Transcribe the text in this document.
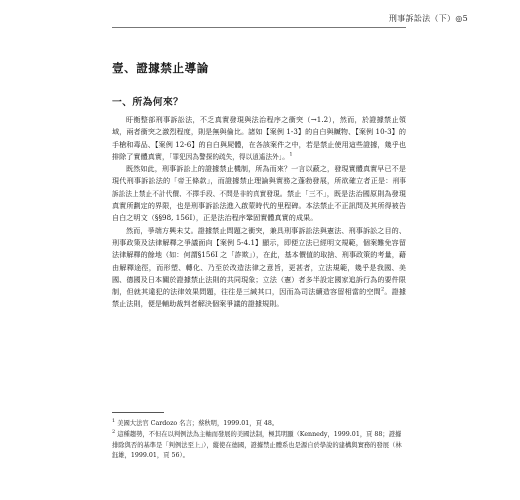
刑事訴訟法（下）◎5
壹、證據禁止導論
一、所為何來？

盱衡整部刑事訴訟法，不乏真實發現與法治程序之衝突（→1.2），然而，於證據禁止領域，兩者衝突之激烈程度，則是無與倫比。諸如【案例 1-3】的自白與贓物、【案例 10-3】的手槍和毒品、【案例 12-6】的自白與屍體，在各該案件之中，若是禁止使用這些證據，幾乎也排除了實體真實，「罪犯因為警探的疏失，得以逍遙法外」。$^1$

既然如此，刑事訴訟上的證據禁止機制，所為而來？一言以蔽之，發現實體真實早已不是現代刑事訴訟法的「帝王條款」，而證據禁止理論與實務之蓬勃發展，所欲確立者正是：刑事訴訟法上禁止不計代價、不擇手段、不問是非的真實發現。禁止「三不」，既是法治國原則為發現真實所劃定的界限，也是刑事訴訟法進入啟蒙時代的里程碑。本法禁止不正訊問及其所得被告自白之明文（§§98, 156I），正是法治程序鞏固實體真實的成果。

然而，爭端方興未艾。證據禁止問題之衝突，兼具刑事訴訟法與憲法、刑事訴訟之目的、刑事政策及法律解釋之爭議面向【案例 5-4.1】顯示，即便立法已經明文規範，個案難免容留法律解釋的餘地（如：何謂§156I 之「詐欺」），在此，基本價值的取捨、刑事政策的考量，藉由解釋途徑，而形塑、轉化、乃至於改造法律之意旨，更甚者，立法規範，幾乎是我國、美國、德國及日本關於證據禁止法則的共同現象；立法（憲）者多半設定國家追訴行為的要件限制，但就其違犯的法律效果問題，往往是三緘其口，因而為司法續造容留相當的空間$^2$。證據禁止法則，便是輔助裁判者解決個案爭議的證據規則。

$^1$ 美國大法官 Cardozo 名言；蔡秋明，1999.01，頁 48。

$^2$ 這種趨勢，不但在以判例法為主軸而發展的美國法制，極其明顯（Kennedy，1999.01，頁 88；證據排除與否的基準是「判例法至上」），縱使在德國，證據禁止體系也是源自於學說的建構與實務的發展（林鈺雄，1999.01，頁 56）。
